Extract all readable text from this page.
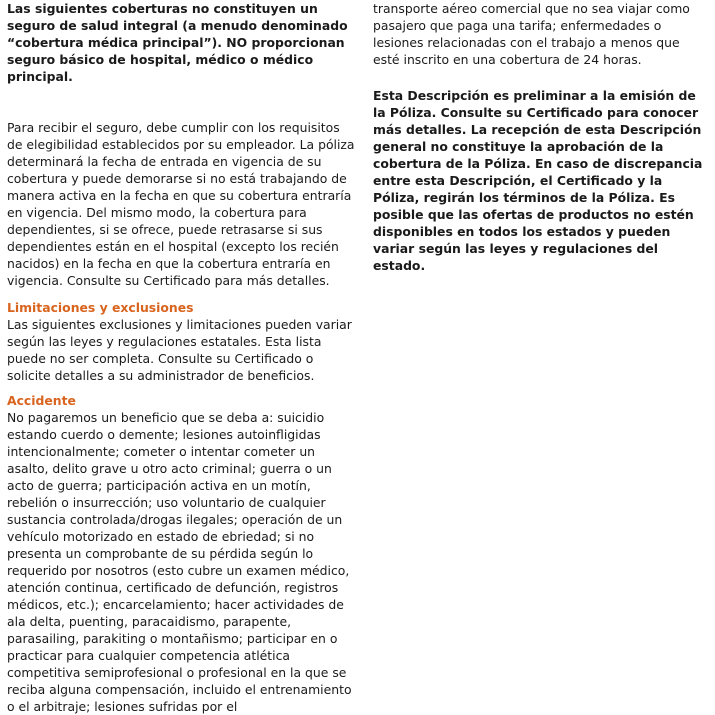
Las siguientes coberturas no constituyen un seguro de salud integral (a menudo denominado “cobertura médica principal”). NO proporcionan seguro básico de hospital, médico o médico principal.

Para recibir el seguro, debe cumplir con los requisitos de elegibilidad establecidos por su empleador. La póliza determinará la fecha de entrada en vigencia de su cobertura y puede demorarse si no está trabajando de manera activa en la fecha en que su cobertura entraría en vigencia. Del mismo modo, la cobertura para dependientes, si se ofrece, puede retrasarse si sus dependientes están en el hospital (excepto los recién nacidos) en la fecha en que la cobertura entraría en vigencia. Consulte su Certificado para más detalles.

Limitaciones y exclusiones

Las siguientes exclusiones y limitaciones pueden variar según las leyes y regulaciones estatales. Esta lista puede no ser completa. Consulte su Certificado o solicite detalles a su administrador de beneficios.

Accidente

No pagaremos un beneficio que se deba a: suicidio estando cuerdo o demente; lesiones autoinfligidas intencionalmente; cometer o intentar cometer un asalto, delito grave u otro acto criminal; guerra o un acto de guerra; participación activa en un motín, rebelión o insurrección; uso voluntario de cualquier sustancia controlada/drogas ilegales; operación de un vehículo motorizado en estado de ebriedad; si no presenta un comprobante de su pérdida según lo requerido por nosotros (esto cubre un examen médico, atención continua, certificado de defunción, registros médicos, etc.); encarcelamiento; hacer actividades de ala delta, puenting, paracaidismo, parapente, parasailing, parakiting o montañismo; participar en o practicar para cualquier competencia atlética competitiva semiprofesional o profesional en la que se reciba alguna compensación, incluido el entrenamiento o el arbitraje; lesiones sufridas por el

transporte aéreo comercial que no sea viajar como pasajero que paga una tarifa; enfermedades o lesiones relacionadas con el trabajo a menos que esté inscrito en una cobertura de 24 horas.

Esta Descripción es preliminar a la emisión de la Póliza. Consulte su Certificado para conocer más detalles. La recepción de esta Descripción general no constituye la aprobación de la cobertura de la Póliza. En caso de discrepancia entre esta Descripción, el Certificado y la Póliza, regirán los términos de la Póliza. Es posible que las ofertas de productos no estén disponibles en todos los estados y pueden variar según las leyes y regulaciones del estado.
